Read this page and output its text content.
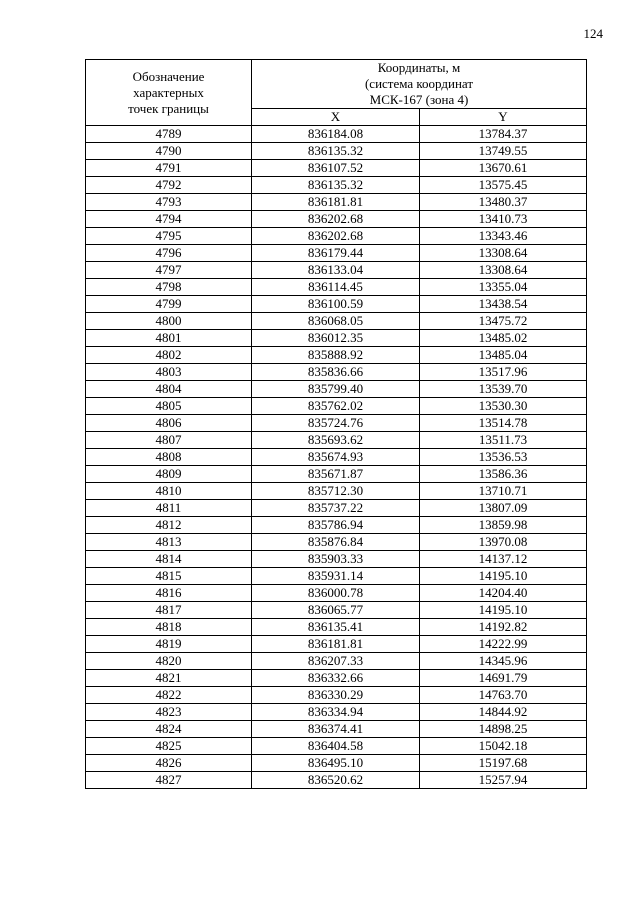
124
Обозначение
характерных
точек границы	Координаты, м
(система координат
МСК-167 (зона 4)	

	X	Y
4789	836184.08	13784.37
4790	836135.32	13749.55
4791	836107.52	13670.61
4792	836135.32	13575.45
4793	836181.81	13480.37
4794	836202.68	13410.73
4795	836202.68	13343.46
4796	836179.44	13308.64
4797	836133.04	13308.64
4798	836114.45	13355.04
4799	836100.59	13438.54
4800	836068.05	13475.72
4801	836012.35	13485.02
4802	835888.92	13485.04
4803	835836.66	13517.96
4804	835799.40	13539.70
4805	835762.02	13530.30
4806	835724.76	13514.78
4807	835693.62	13511.73
4808	835674.93	13536.53
4809	835671.87	13586.36
4810	835712.30	13710.71
4811	835737.22	13807.09
4812	835786.94	13859.98
4813	835876.84	13970.08
4814	835903.33	14137.12
4815	835931.14	14195.10
4816	836000.78	14204.40
4817	836065.77	14195.10
4818	836135.41	14192.82
4819	836181.81	14222.99
4820	836207.33	14345.96
4821	836332.66	14691.79
4822	836330.29	14763.70
4823	836334.94	14844.92
4824	836374.41	14898.25
4825	836404.58	15042.18
4826	836495.10	15197.68
4827	836520.62	15257.94
